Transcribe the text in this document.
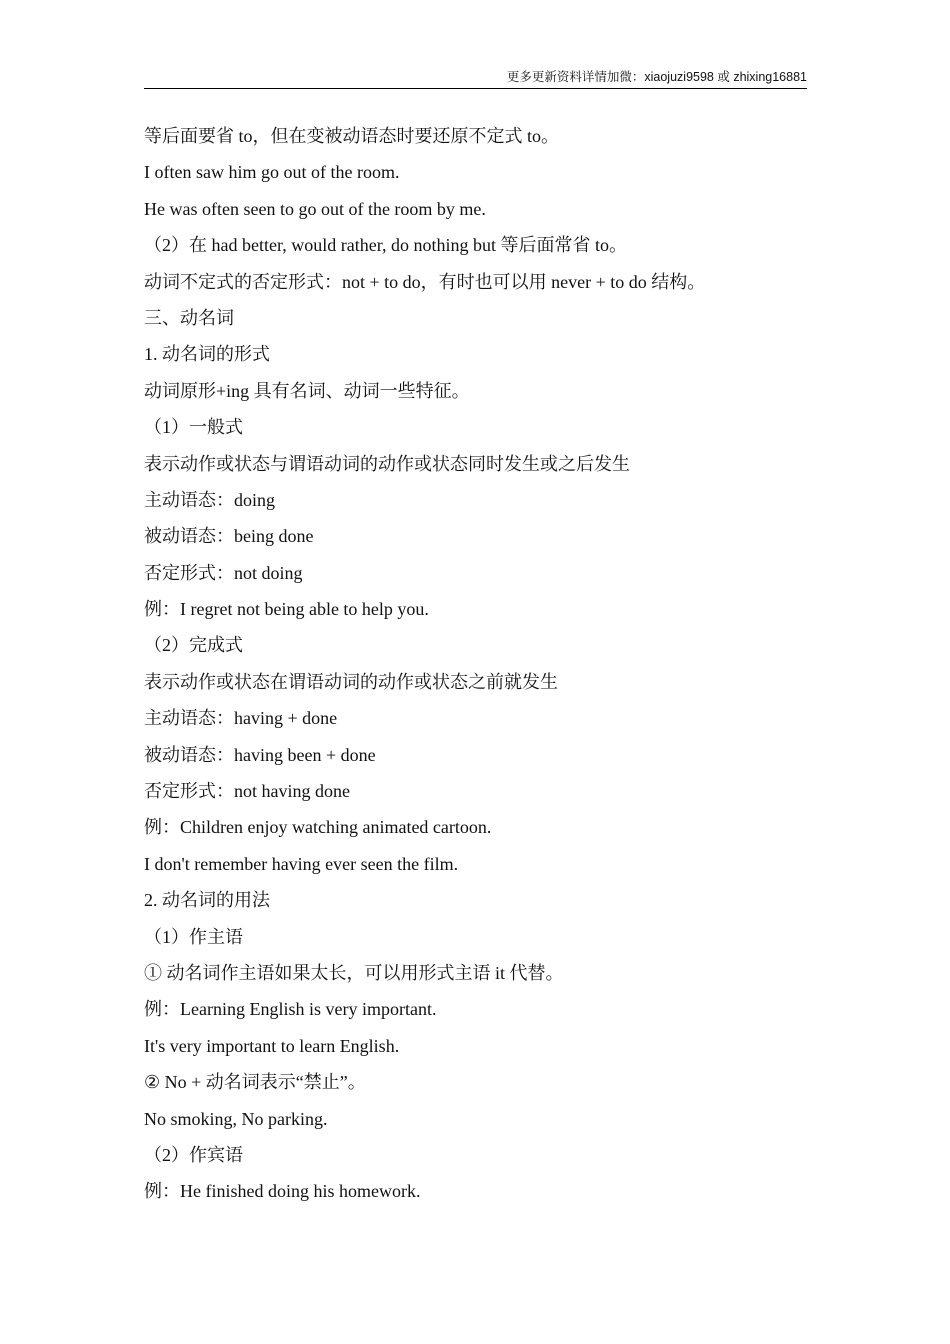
更多更新资料详情加微：xiaojuzi9598 或 zhixing16881
等后面要省 to，但在变被动语态时要还原不定式 to。
I often saw him go out of the room.
He was often seen to go out of the room by me.
（2）在 had better, would rather, do nothing but 等后面常省 to。
动词不定式的否定形式：not + to do，有时也可以用 never + to do 结构。
三、动名词
1. 动名词的形式
动词原形+ing 具有名词、动词一些特征。
（1）一般式
表示动作或状态与谓语动词的动作或状态同时发生或之后发生
主动语态：doing
被动语态：being done
否定形式：not doing
例：I regret not being able to help you.
（2）完成式
表示动作或状态在谓语动词的动作或状态之前就发生
主动语态：having + done
被动语态：having been + done
否定形式：not having done
例：Children enjoy watching animated cartoon.
I don't remember having ever seen the film.
2. 动名词的用法
（1）作主语
① 动名词作主语如果太长，可以用形式主语 it 代替。
例：Learning English is very important.
It's very important to learn English.
② No + 动名词表示“禁止”。
No smoking, No parking.
（2）作宾语
例：He finished doing his homework.
